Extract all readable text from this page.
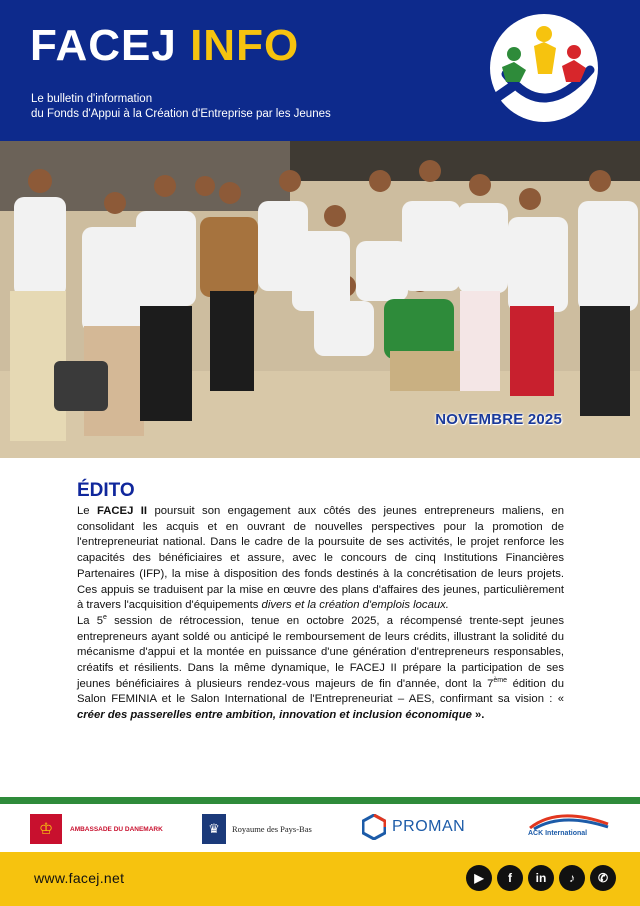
FACEJ INFO
Le bulletin d'information
du Fonds d'Appui à la Création d'Entreprise par les Jeunes
NOVEMBRE 2025
ÉDITO

Le FACEJ II poursuit son engagement aux côtés des jeunes entrepreneurs maliens, en consolidant les acquis et en ouvrant de nouvelles perspectives pour la promotion de l'entrepreneuriat national. Dans le cadre de la poursuite de ses activités, le projet renforce les capacités des bénéficiaires et assure, avec le concours de cinq Institutions Financières Partenaires (IFP), la mise à disposition des fonds destinés à la concrétisation de leurs projets. Ces appuis se traduisent par la mise en œuvre des plans d'affaires des jeunes, particulièrement à travers l'acquisition d'équipements divers et la création d'emplois locaux.

La 5e session de rétrocession, tenue en octobre 2025, a récompensé trente-sept jeunes entrepreneurs ayant soldé ou anticipé le remboursement de leurs crédits, illustrant la solidité du mécanisme d'appui et la montée en puissance d'une génération d'entrepreneurs responsables, créatifs et résilients. Dans la même dynamique, le FACEJ II prépare la participation de ses jeunes bénéficiaires à plusieurs rendez-vous majeurs de fin d'année, dont la 7ème édition du Salon FEMINIA et le Salon International de l'Entrepreneuriat – AES, confirmant sa vision : « créer des passerelles entre ambition, innovation et inclusion économique ».

♔	AMBASSADE DU DANEMARK	♛	Royaume des Pays-Bas	PROMAN	ACK International
www.facej.net	▶	f	in	♪	✆
